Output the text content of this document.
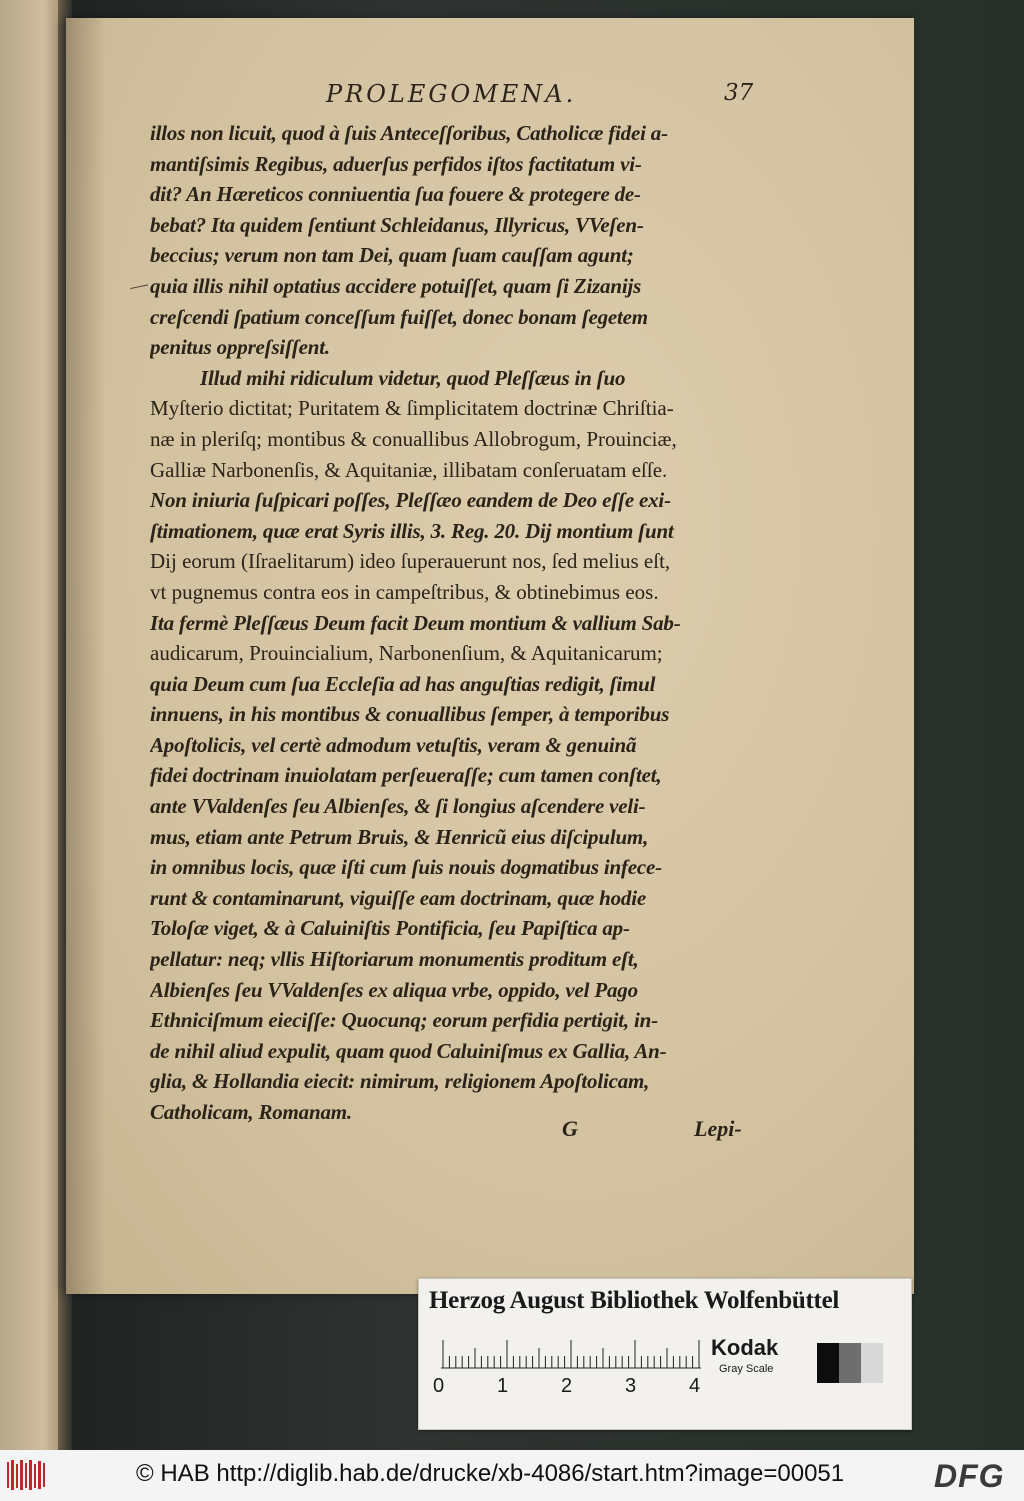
PROLEGOMENA.	37
illos non licuit, quod à ſuis Anteceſſoribus, Catholicæ fidei a-
mantiſsimis Regibus, aduerſus perfidos iſtos factitatum vi-
dit? An Hæreticos conniuentia ſua fouere & protegere de-
bebat? Ita quidem ſentiunt Schleidanus, Illyricus, VVeſen-
beccius; verum non tam Dei, quam ſuam cauſſam agunt;
quia illis nihil optatius accidere potuiſſet, quam ſi Zizanijs
creſcendi ſpatium conceſſum fuiſſet, donec bonam ſegetem
penitus oppreſsiſſent.
Illud mihi ridiculum videtur, quod Pleſſæus in ſuo
Myſterio dictitat; Puritatem & ſimplicitatem doctrinæ Chriſtia-
næ in pleriſq; montibus & conuallibus Allobrogum, Prouinciæ,
Galliæ Narbonenſis, & Aquitaniæ, illibatam conſeruatam eſſe.
Non iniuria ſuſpicari poſſes, Pleſſæo eandem de Deo eſſe exi-
ſtimationem, quæ erat Syris illis, 3. Reg. 20. Dij montium ſunt
Dij eorum (Iſraelitarum) ideo ſuperauerunt nos, ſed melius eſt,
vt pugnemus contra eos in campeſtribus, & obtinebimus eos.
Ita fermè Pleſſæus Deum facit Deum montium & vallium Sab-
audicarum, Prouincialium, Narbonenſium, & Aquitanicarum;
quia Deum cum ſua Eccleſia ad has anguſtias redigit, ſimul
innuens, in his montibus & conuallibus ſemper, à temporibus
Apoſtolicis, vel certè admodum vetuſtis, veram & genuinã
fidei doctrinam inuiolatam perſeueraſſe; cum tamen conſtet,
ante VValdenſes ſeu Albienſes, & ſi longius aſcendere veli-
mus, etiam ante Petrum Bruis, & Henricũ eius diſcipulum,
in omnibus locis, quæ iſti cum ſuis nouis dogmatibus infece-
runt & contaminarunt, viguiſſe eam doctrinam, quæ hodie
Toloſæ viget, & à Caluiniſtis Pontificia, ſeu Papiſtica ap-
pellatur: neq; vllis Hiſtoriarum monumentis proditum eſt,
Albienſes ſeu VValdenſes ex aliqua vrbe, oppido, vel Pago
Ethniciſmum eieciſſe: Quocunq; eorum perfidia pertigit, in-
de nihil aliud expulit, quam quod Caluiniſmus ex Gallia, An-
glia, & Hollandia eiecit: nimirum, religionem Apoſtolicam,
Catholicam, Romanam.
G	Lepi-
Herzog August Bibliothek Wolfenbüttel
0	1	2	3	4
Kodak
Gray Scale
© HAB http://diglib.hab.de/drucke/xb-4086/start.htm?image=00051	DFG
